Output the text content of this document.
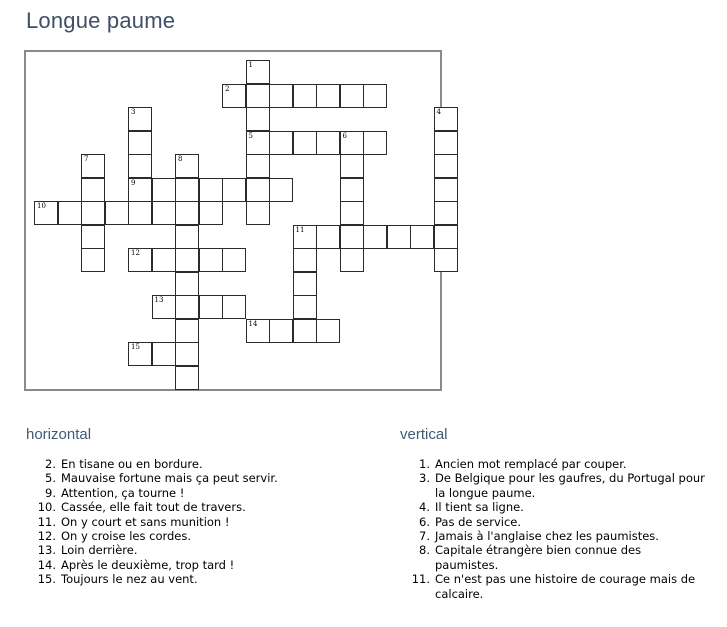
Longue paume
2
5	6
9
10
11
12
13
14
15
1
3	4
7	8
horizontal
2. En tisane ou en bordure.
5. Mauvaise fortune mais ça peut servir.
9. Attention, ça tourne !
10. Cassée, elle fait tout de travers.
11. On y court et sans munition !
12. On y croise les cordes.
13. Loin derrière.
14. Après le deuxième, trop tard !
15. Toujours le nez au vent.
vertical
1. Ancien mot remplacé par couper.
3. De Belgique pour les gaufres, du Portugal pour la longue paume.
4. Il tient sa ligne.
6. Pas de service.
7. Jamais à l'anglaise chez les paumistes.
8. Capitale étrangère bien connue des paumistes.
11. Ce n'est pas une histoire de courage mais de calcaire.
